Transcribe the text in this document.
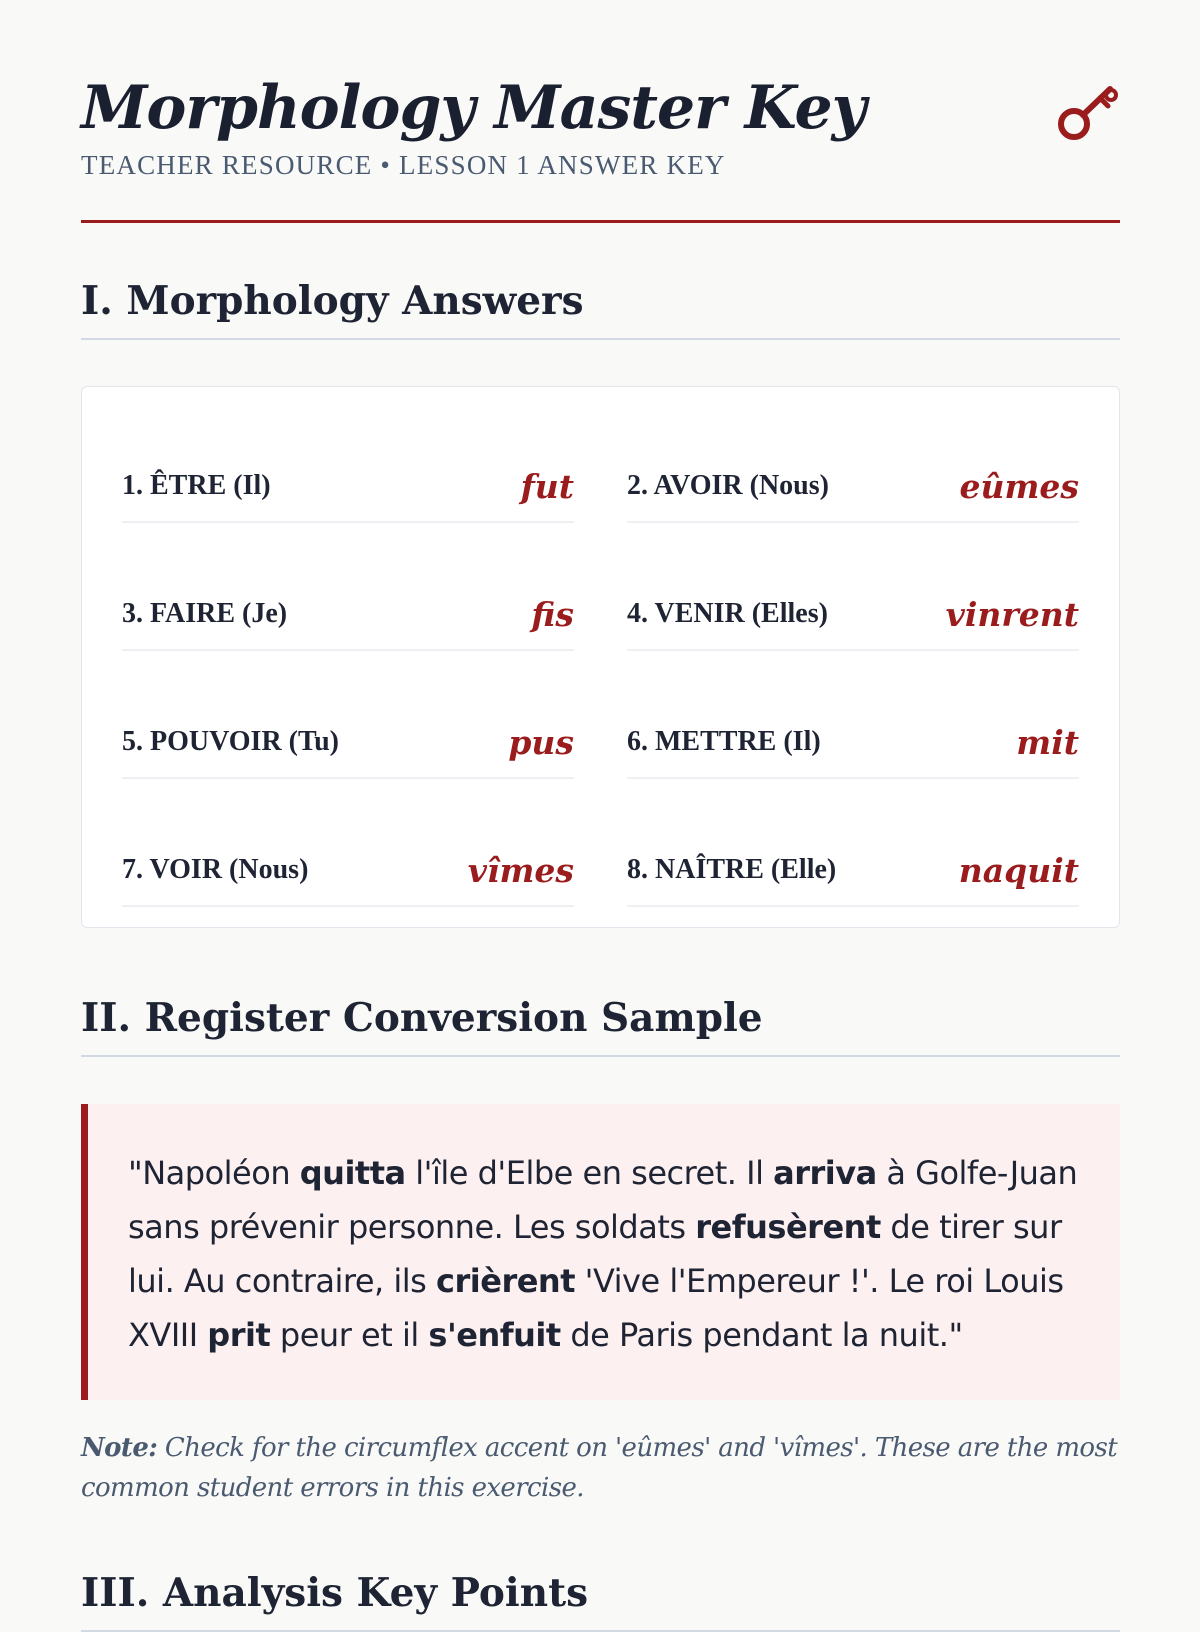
Morphology Master Key
TEACHER RESOURCE • LESSON 1 ANSWER KEY
I. Morphology Answers
1. ÊTRE (Il)	fut 2. AVOIR (Nous)	eûmes
3. FAIRE (Je)	fis 4. VENIR (Elles)	vinrent
5. POUVOIR (Tu)	pus 6. METTRE (Il)	mit
7. VOIR (Nous)	vîmes 8. NAÎTRE (Elle)	naquit
II. Register Conversion Sample

"Napoléon quitta l'île d'Elbe en secret. Il arriva à Golfe-Juan sans prévenir personne. Les soldats refusèrent de tirer sur lui. Au contraire, ils crièrent 'Vive l'Empereur !'. Le roi Louis XVIII prit peur et il s'enfuit de Paris pendant la nuit."

Note: Check for the circumflex accent on 'eûmes' and 'vîmes'. These are the most common student errors in this exercise.
III. Analysis Key Points
